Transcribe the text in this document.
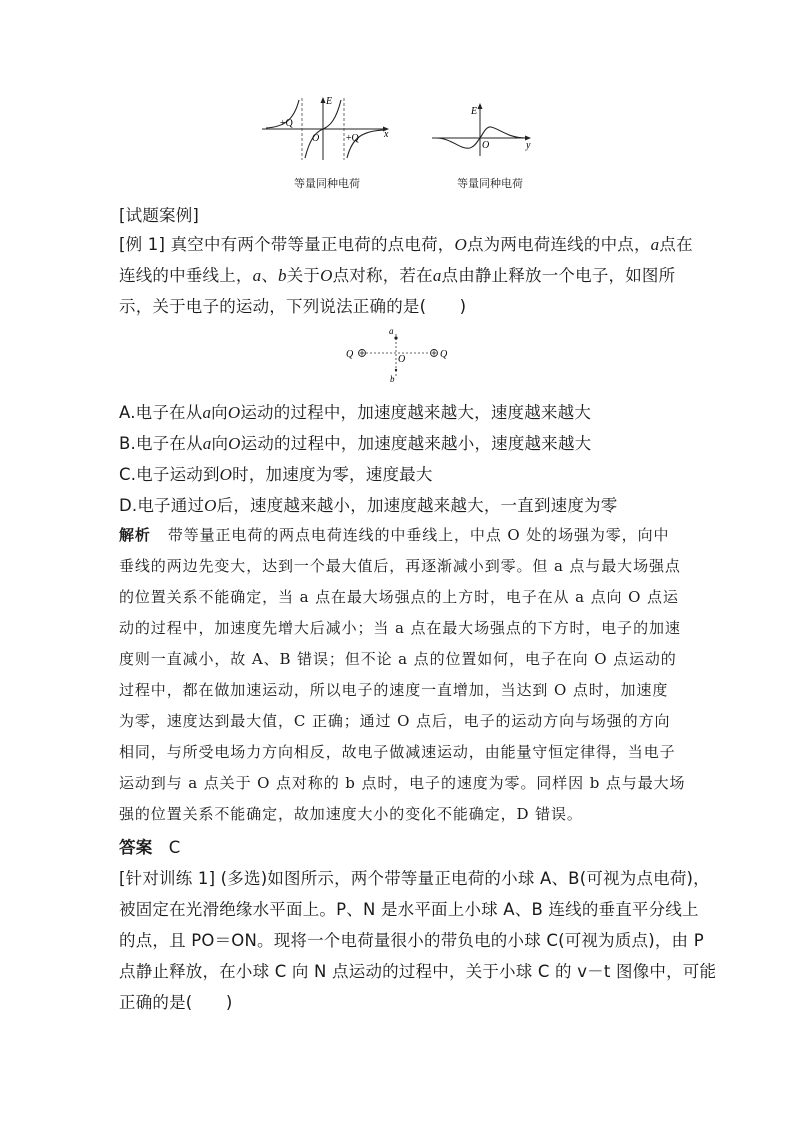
E
x
O
+Q
+Q
等量同种电荷
E
y
O
等量同种电荷
[试题案例]
[例 1] 真空中有两个带等量正电荷的点电荷，O点为两电荷连线的中点，a点在
连线的中垂线上，a、b关于O点对称，若在a点由静止释放一个电子，如图所
示，关于电子的运动，下列说法正确的是(　　)
a
b
O
Q	Q
A.电子在从a向O运动的过程中，加速度越来越大，速度越来越大
B.电子在从a向O运动的过程中，加速度越来越小，速度越来越大
C.电子运动到O时，加速度为零，速度最大
D.电子通过O后，速度越来越小，加速度越来越大，一直到速度为零
解析 带等量正电荷的两点电荷连线的中垂线上，中点 O 处的场强为零，向中
垂线的两边先变大，达到一个最大值后，再逐渐减小到零。但 a 点与最大场强点
的位置关系不能确定，当 a 点在最大场强点的上方时，电子在从 a 点向 O 点运
动的过程中，加速度先增大后减小；当 a 点在最大场强点的下方时，电子的加速
度则一直减小，故 A、B 错误；但不论 a 点的位置如何，电子在向 O 点运动的
过程中，都在做加速运动，所以电子的速度一直增加，当达到 O 点时，加速度
为零，速度达到最大值，C 正确；通过 O 点后，电子的运动方向与场强的方向
相同，与所受电场力方向相反，故电子做减速运动，由能量守恒定律得，当电子
运动到与 a 点关于 O 点对称的 b 点时，电子的速度为零。同样因 b 点与最大场
强的位置关系不能确定，故加速度大小的变化不能确定，D 错误。
答案 C
[针对训练 1] (多选)如图所示，两个带等量正电荷的小球 A、B(可视为点电荷)，
被固定在光滑绝缘水平面上。P、N 是水平面上小球 A、B 连线的垂直平分线上
的点，且 PO＝ON。现将一个电荷量很小的带负电的小球 C(可视为质点)，由 P
点静止释放，在小球 C 向 N 点运动的过程中，关于小球 C 的 v－t 图像中，可能
正确的是(　　)
